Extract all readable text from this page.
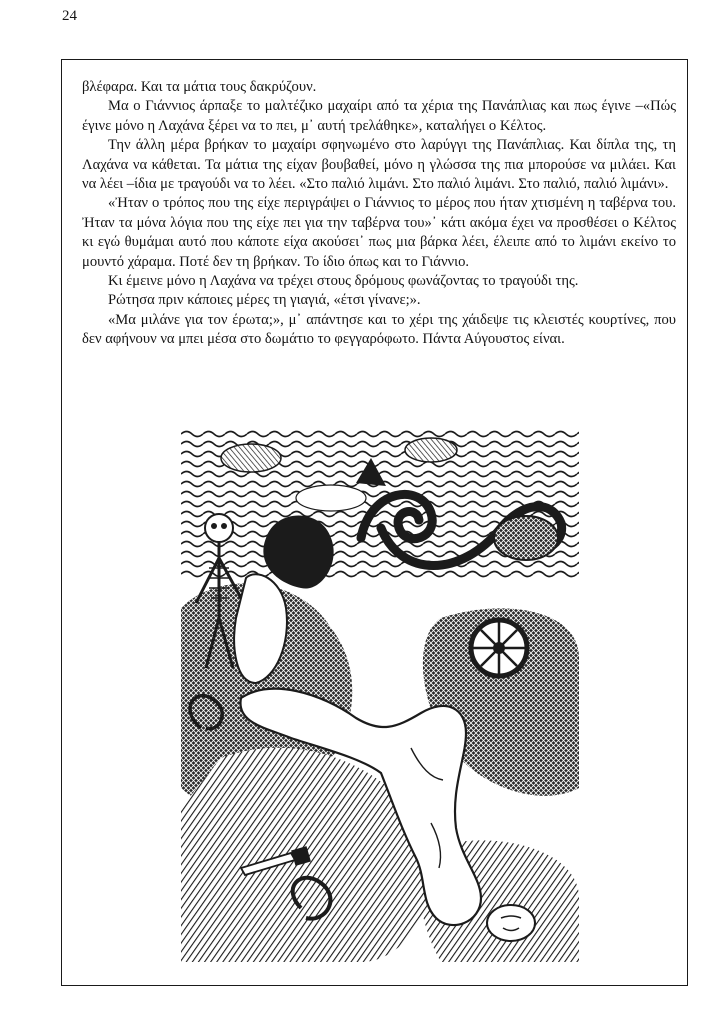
24

βλέφαρα. Και τα μάτια τους δακρύζουν.

Μα ο Γιάννιος άρπαξε το μαλτέζικο μαχαίρι από τα χέρια της Πανάπλιας και πως έγινε –«Πώς έγινε μόνο η Λαχάνα ξέρει να το πει, μ᾽ αυτή τρελάθηκε», καταλήγει ο Κέλτος.

Την άλλη μέρα βρήκαν το μαχαίρι σφηνωμένο στο λαρύγγι της Πανάπλιας. Και δίπλα της, τη Λαχάνα να κάθεται. Τα μάτια της είχαν βουβαθεί, μόνο η γλώσσα της πια μπορούσε να μιλάει. Και να λέει –ίδια με τραγούδι να το λέει. «Στο παλιό λιμάνι. Στο παλιό λιμάνι. Στο παλιό, παλιό λιμάνι».

«Ἠταν ο τρόπος που της είχε περιγράψει ο Γιάννιος το μέρος που ήταν χτισμένη η ταβέρνα του. Ἠταν τα μόνα λόγια που της είχε πει για την ταβέρνα του»᾽ κάτι ακόμα έχει να προσθέσει ο Κέλτος κι εγώ θυμάμαι αυτό που κάποτε είχα ακούσει᾽ πως μια βάρκα λέει, έλειπε από το λιμάνι εκείνο το μουντό χάραμα. Ποτέ δεν τη βρήκαν. Το ίδιο όπως και το Γιάννιο.

Κι έμεινε μόνο η Λαχάνα να τρέχει στους δρόμους φωνάζοντας το τραγούδι της.

Ρώτησα πριν κάποιες μέρες τη γιαγιά, «έτσι γίνανε;».

«Μα μιλάνε για τον έρωτα;», μ᾽ απάντησε και το χέρι της χάιδεψε τις κλειστές κουρτίνες, που δεν αφήνουν να μπει μέσα στο δωμάτιο το φεγγαρόφωτο. Πάντα Αύγουστος είναι.
